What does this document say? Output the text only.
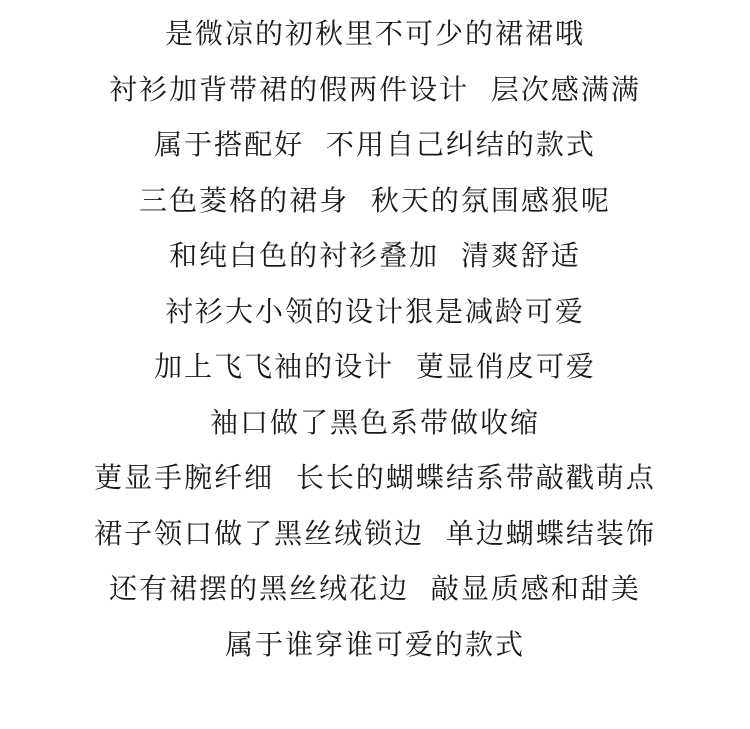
是微凉的初秋里不可少的裙裙哦
衬衫加背带裙的假两件设计  层次感满满
属于搭配好  不用自己纠结的款式
三色菱格的裙身  秋天的氛围感狠呢
和纯白色的衬衫叠加  清爽舒适
衬衫大小领的设计狠是减龄可爱
加上飞飞袖的设计  莄显俏皮可爱
袖口做了黑色系带做收缩
莄显手腕纤细  长长的蝴蝶结系带敲戳萌点
裙子领口做了黑丝绒锁边  单边蝴蝶结装饰
还有裙摆的黑丝绒花边  敲显质感和甜美
属于谁穿谁可爱的款式
